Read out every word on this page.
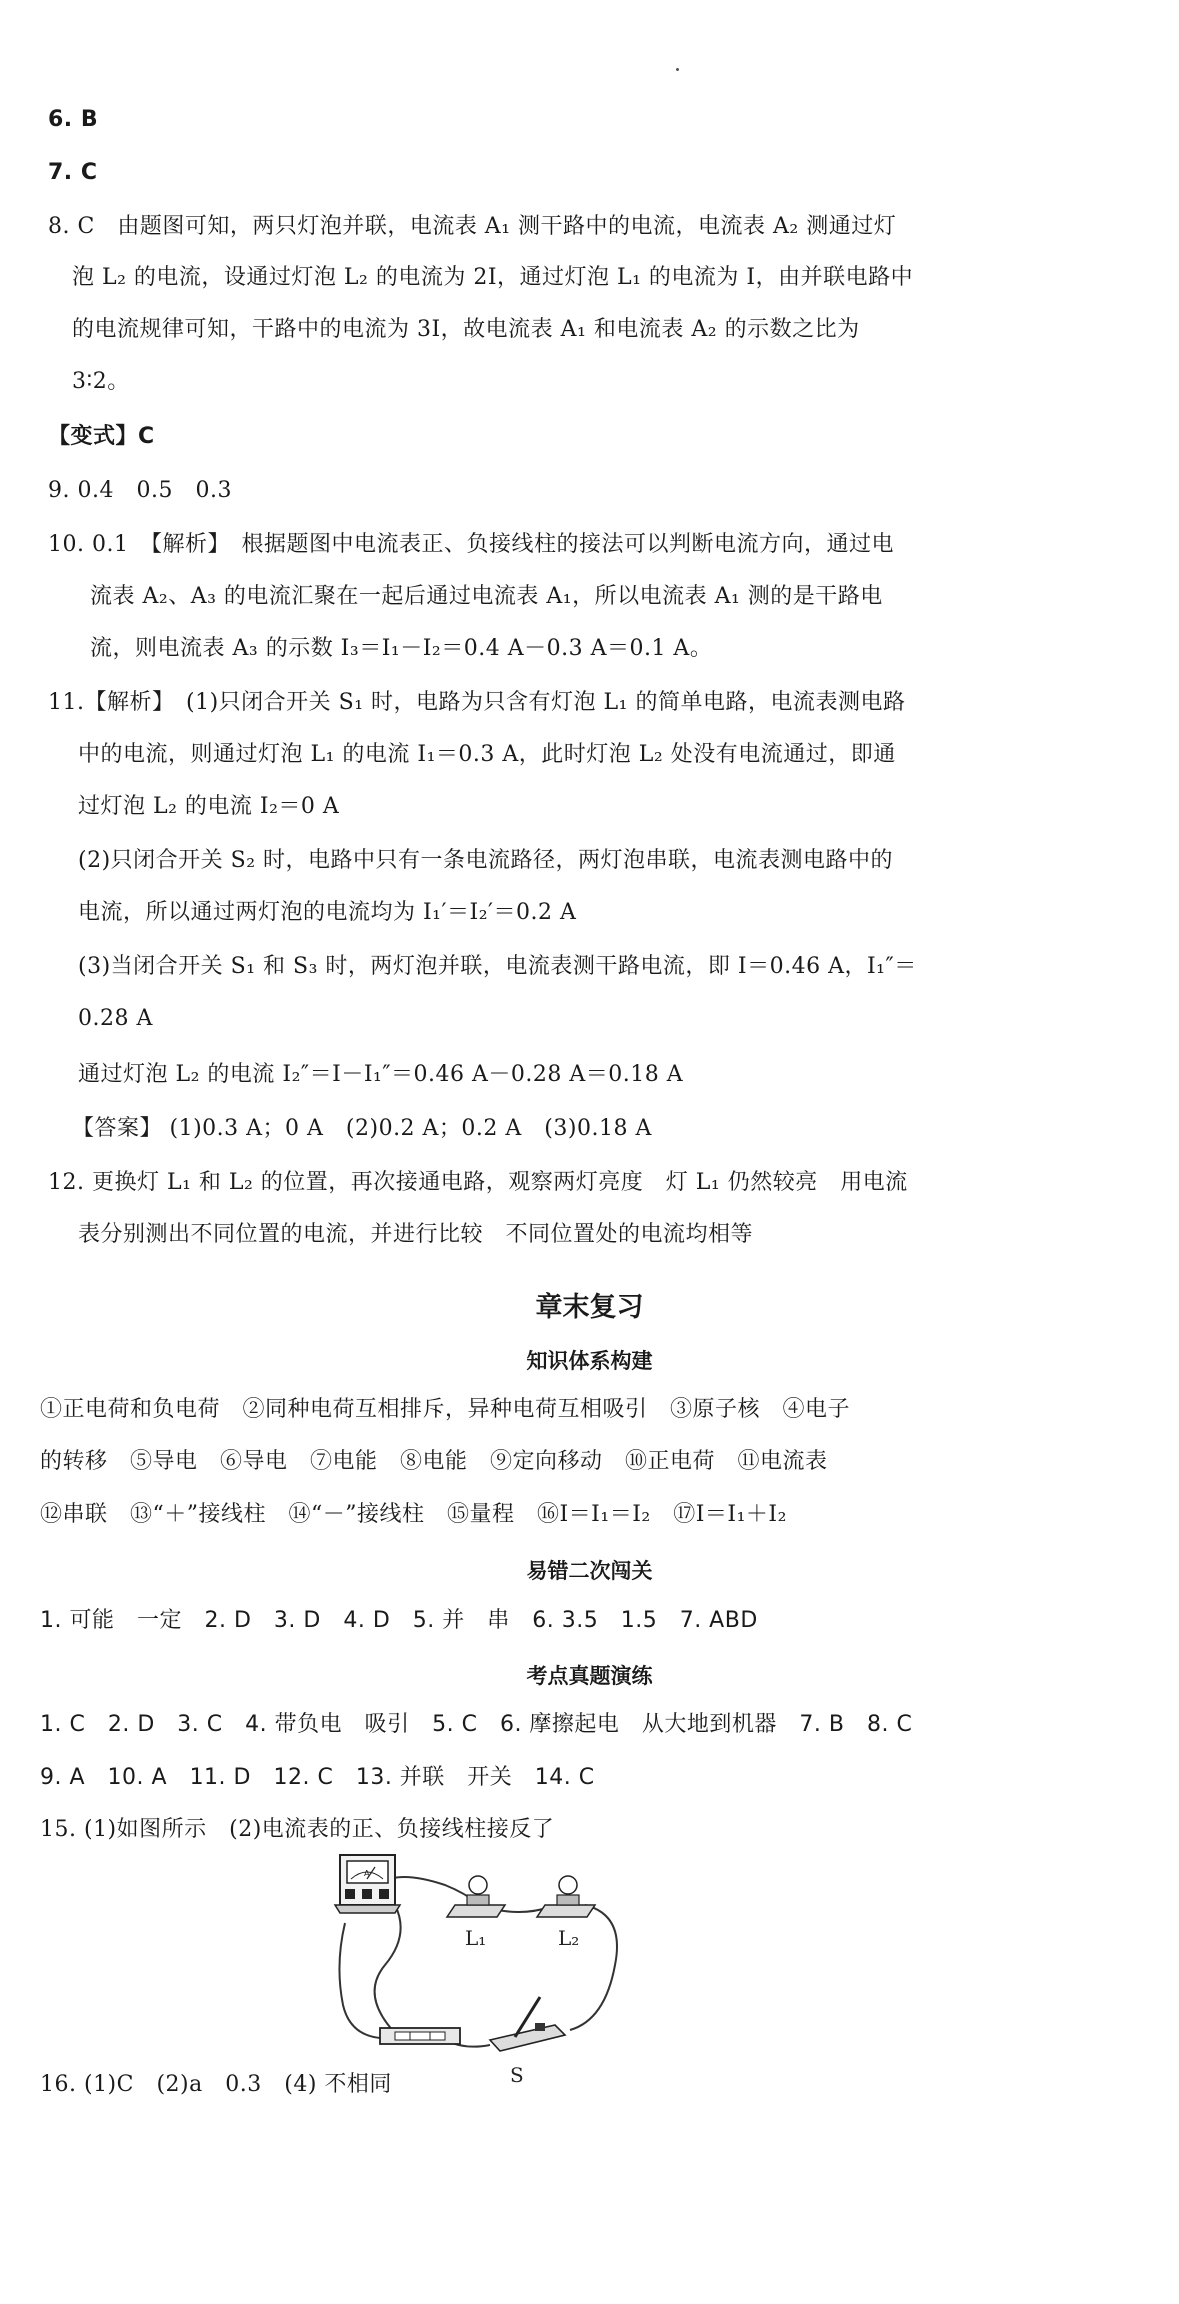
6. B
7. C
8. C　由题图可知，两只灯泡并联，电流表 A₁ 测干路中的电流，电流表 A₂ 测通过灯
泡 L₂ 的电流，设通过灯泡 L₂ 的电流为 2I，通过灯泡 L₁ 的电流为 I，由并联电路中
的电流规律可知，干路中的电流为 3I，故电流表 A₁ 和电流表 A₂ 的示数之比为
3∶2。
【变式】C
9. 0.4　0.5　0.3
10. 0.1　【解析】　根据题图中电流表正、负接线柱的接法可以判断电流方向，通过电
流表 A₂、A₃ 的电流汇聚在一起后通过电流表 A₁，所以电流表 A₁ 测的是干路电
流，则电流表 A₃ 的示数 I₃＝I₁－I₂＝0.4 A－0.3 A＝0.1 A。
11.【解析】　(1)只闭合开关 S₁ 时，电路为只含有灯泡 L₁ 的简单电路，电流表测电路
中的电流，则通过灯泡 L₁ 的电流 I₁＝0.3 A，此时灯泡 L₂ 处没有电流通过，即通
过灯泡 L₂ 的电流 I₂＝0 A
(2)只闭合开关 S₂ 时，电路中只有一条电流路径，两灯泡串联，电流表测电路中的
电流，所以通过两灯泡的电流均为 I₁′＝I₂′＝0.2 A
(3)当闭合开关 S₁ 和 S₃ 时，两灯泡并联，电流表测干路电流，即 I＝0.46 A，I₁″＝
0.28 A
通过灯泡 L₂ 的电流 I₂″＝I－I₁″＝0.46 A－0.28 A＝0.18 A
【答案】 (1)0.3 A；0 A　(2)0.2 A；0.2 A　(3)0.18 A
12. 更换灯 L₁ 和 L₂ 的位置，再次接通电路，观察两灯亮度　灯 L₁ 仍然较亮　用电流
表分别测出不同位置的电流，并进行比较　不同位置处的电流均相等
章末复习
知识体系构建
①正电荷和负电荷　②同种电荷互相排斥，异种电荷互相吸引　③原子核　④电子
的转移　⑤导电　⑥导电　⑦电能　⑧电能　⑨定向移动　⑩正电荷　⑪电流表
⑫串联　⑬“＋”接线柱　⑭“－”接线柱　⑮量程　⑯I＝I₁＝I₂　⑰I＝I₁＋I₂
易错二次闯关
1. 可能　一定　2. D　3. D　4. D　5. 并　串　6. 3.5　1.5　7. ABD
考点真题演练
1. C　2. D　3. C　4. 带负电　吸引　5. C　6. 摩擦起电　从大地到机器　7. B　8. C
9. A　10. A　11. D　12. C　13. 并联　开关　14. C
15. (1)如图所示　(2)电流表的正、负接线柱接反了
A
L₁	L₂
S
16. (1)C　(2)a　0.3　(4) 不相同
